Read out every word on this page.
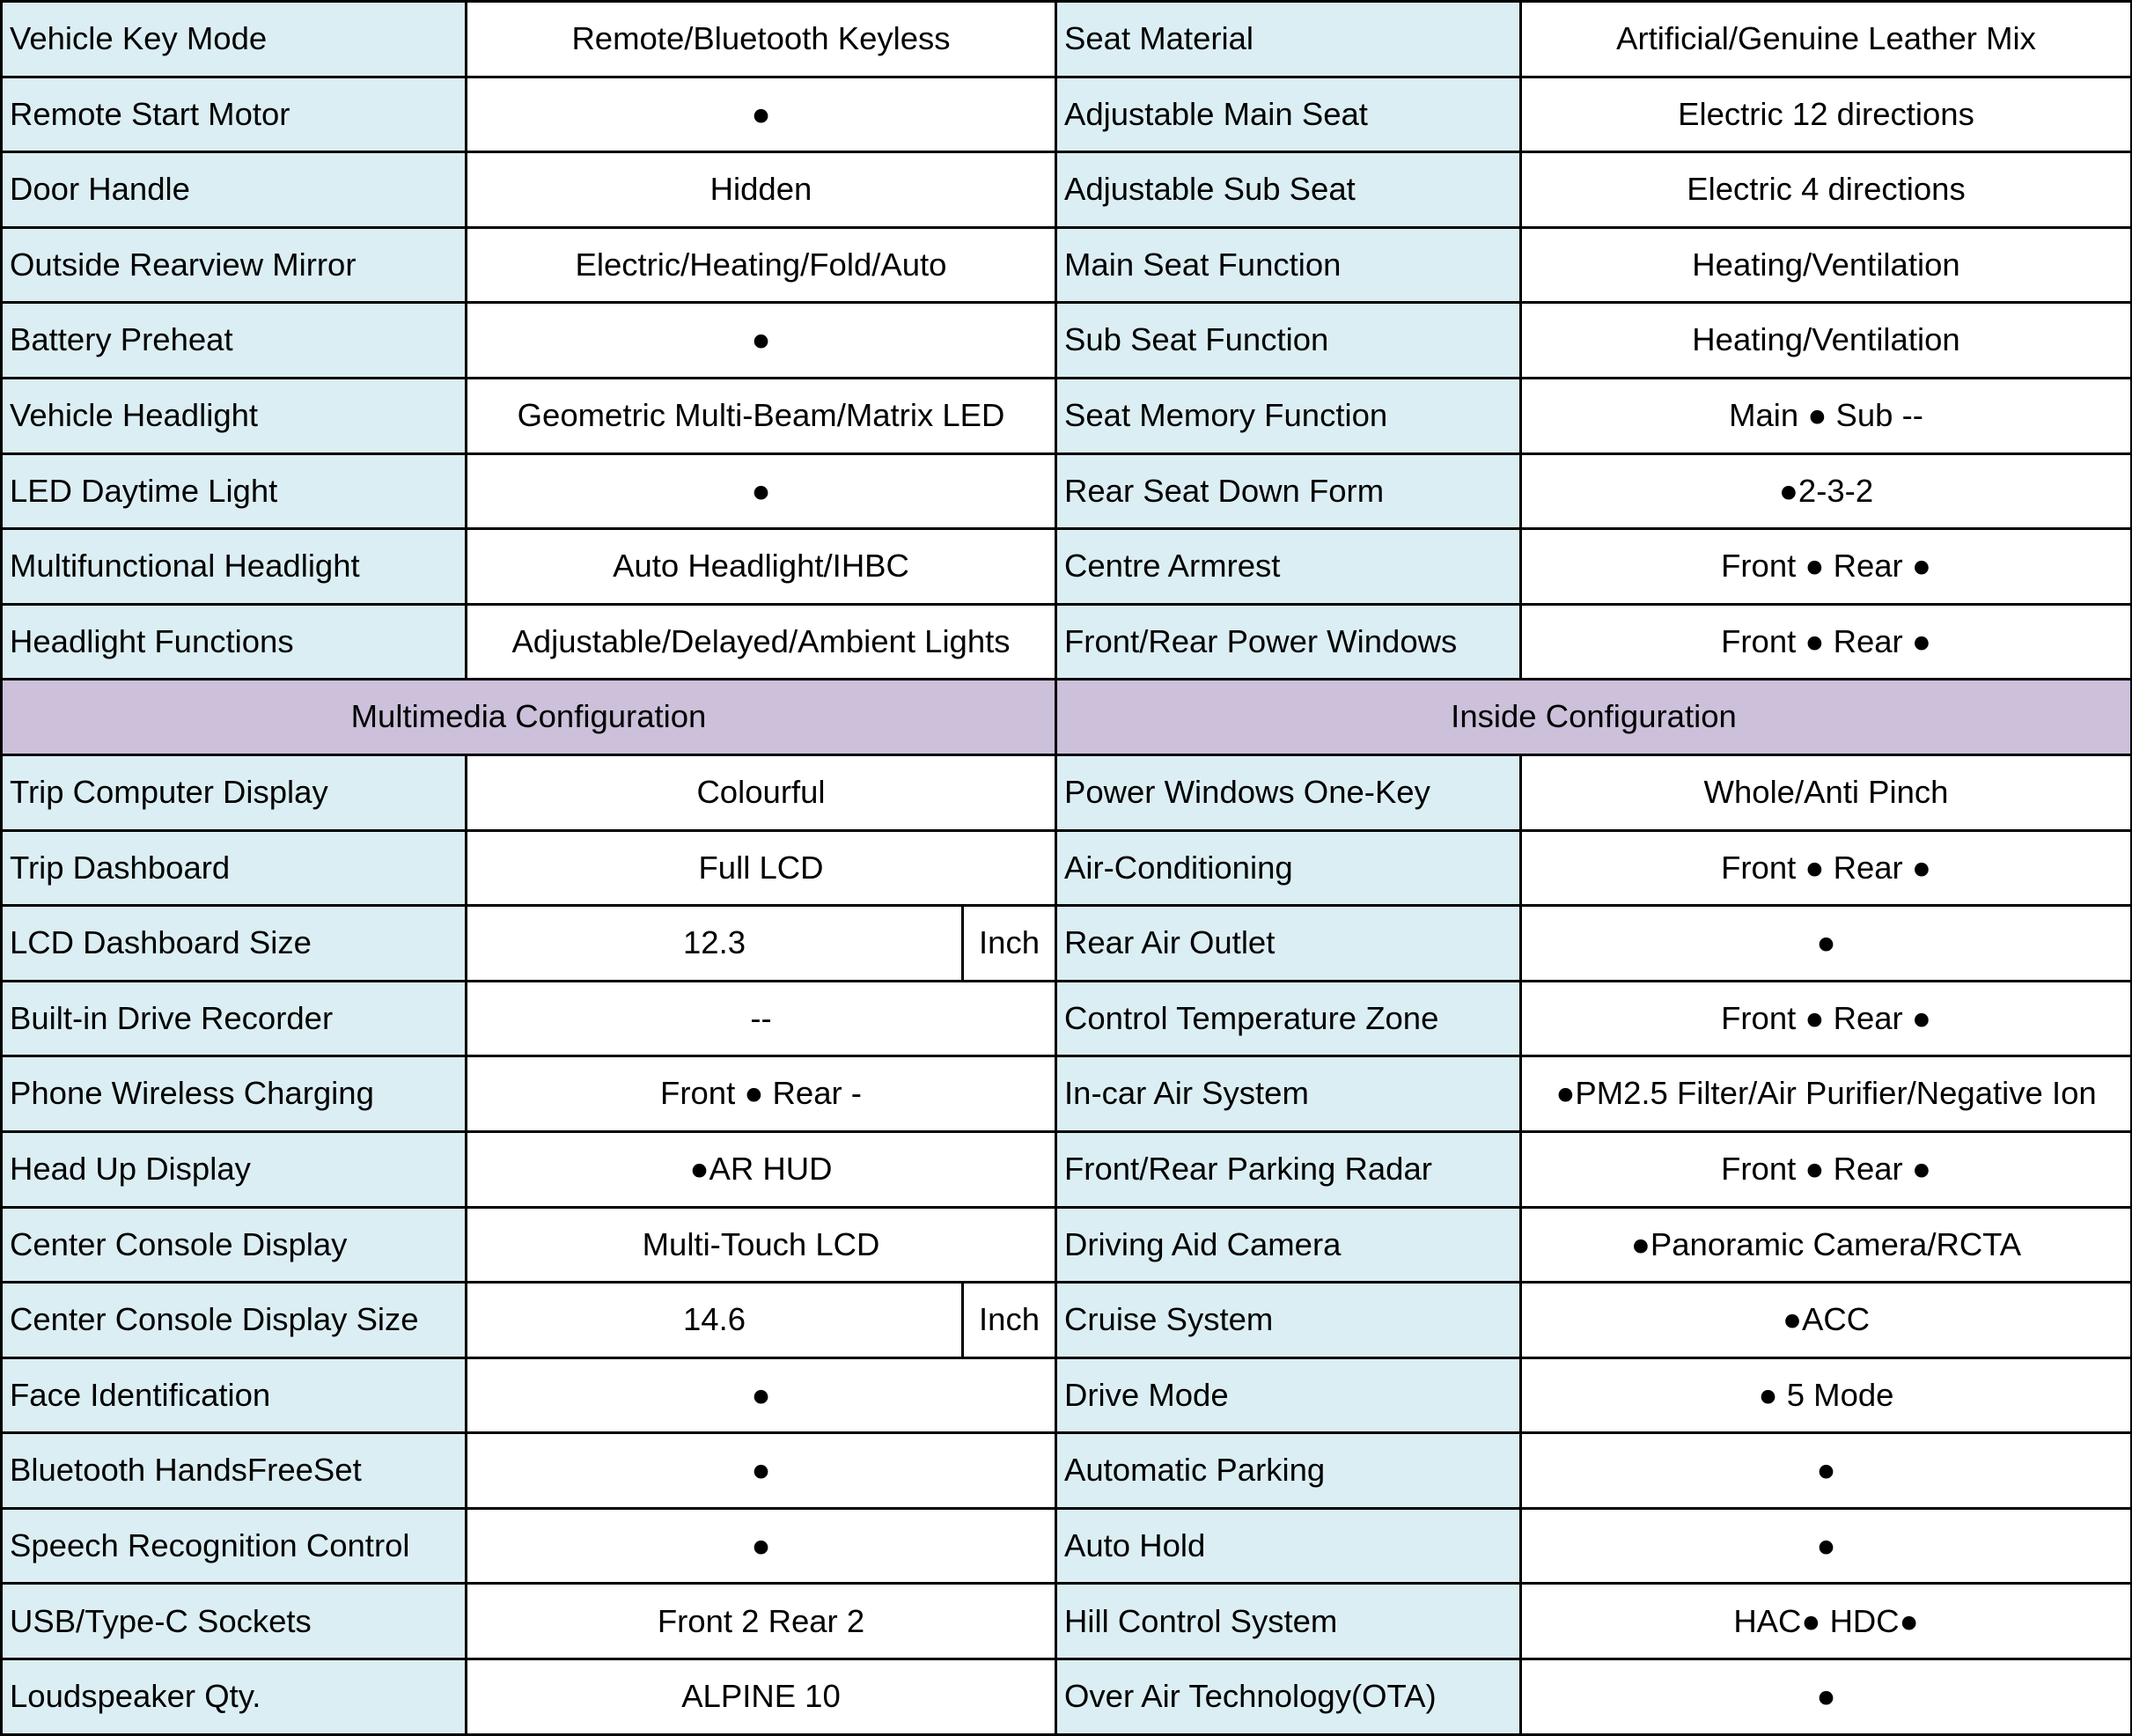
Vehicle Key Mode	Remote/Bluetooth Keyless		Seat Material	Artificial/Genuine Leather Mix
Remote Start Motor	●		Adjustable Main Seat	Electric 12 directions
Door Handle	Hidden		Adjustable Sub Seat	Electric 4 directions
Outside Rearview Mirror	Electric/Heating/Fold/Auto		Main Seat Function	Heating/Ventilation
Battery Preheat	●		Sub Seat Function	Heating/Ventilation
Vehicle Headlight	Geometric Multi-Beam/Matrix LED		Seat Memory Function	Main ● Sub --
LED Daytime Light	●		Rear Seat Down Form	●2-3-2
Multifunctional Headlight	Auto Headlight/IHBC		Centre Armrest	Front ● Rear ●
Headlight Functions	Adjustable/Delayed/Ambient Lights		Front/Rear Power Windows	Front ● Rear ●
Multimedia Configuration			Inside Configuration	
Trip Computer Display	Colourful		Power Windows One-Key	Whole/Anti Pinch
Trip Dashboard	Full LCD		Air-Conditioning	Front ● Rear ●
LCD Dashboard Size	12.3	Inch	Rear Air Outlet	●
Built-in Drive Recorder	--		Control Temperature Zone	Front ● Rear ●
Phone Wireless Charging	Front ● Rear -		In-car Air System	●PM2.5 Filter/Air Purifier/Negative Ion
Head Up Display	●AR HUD		Front/Rear Parking Radar	Front ● Rear ●
Center Console Display	Multi-Touch LCD		Driving Aid Camera	●Panoramic Camera/RCTA
Center Console Display Size	14.6	Inch	Cruise System	●ACC
Face Identification	●		Drive Mode	● 5 Mode
Bluetooth HandsFreeSet	●		Automatic Parking	●
Speech Recognition Control	●		Auto Hold	●
USB/Type-C Sockets	Front 2 Rear 2		Hill Control System	HAC● HDC●
Loudspeaker Qty.	ALPINE 10		Over Air Technology(OTA)	●
